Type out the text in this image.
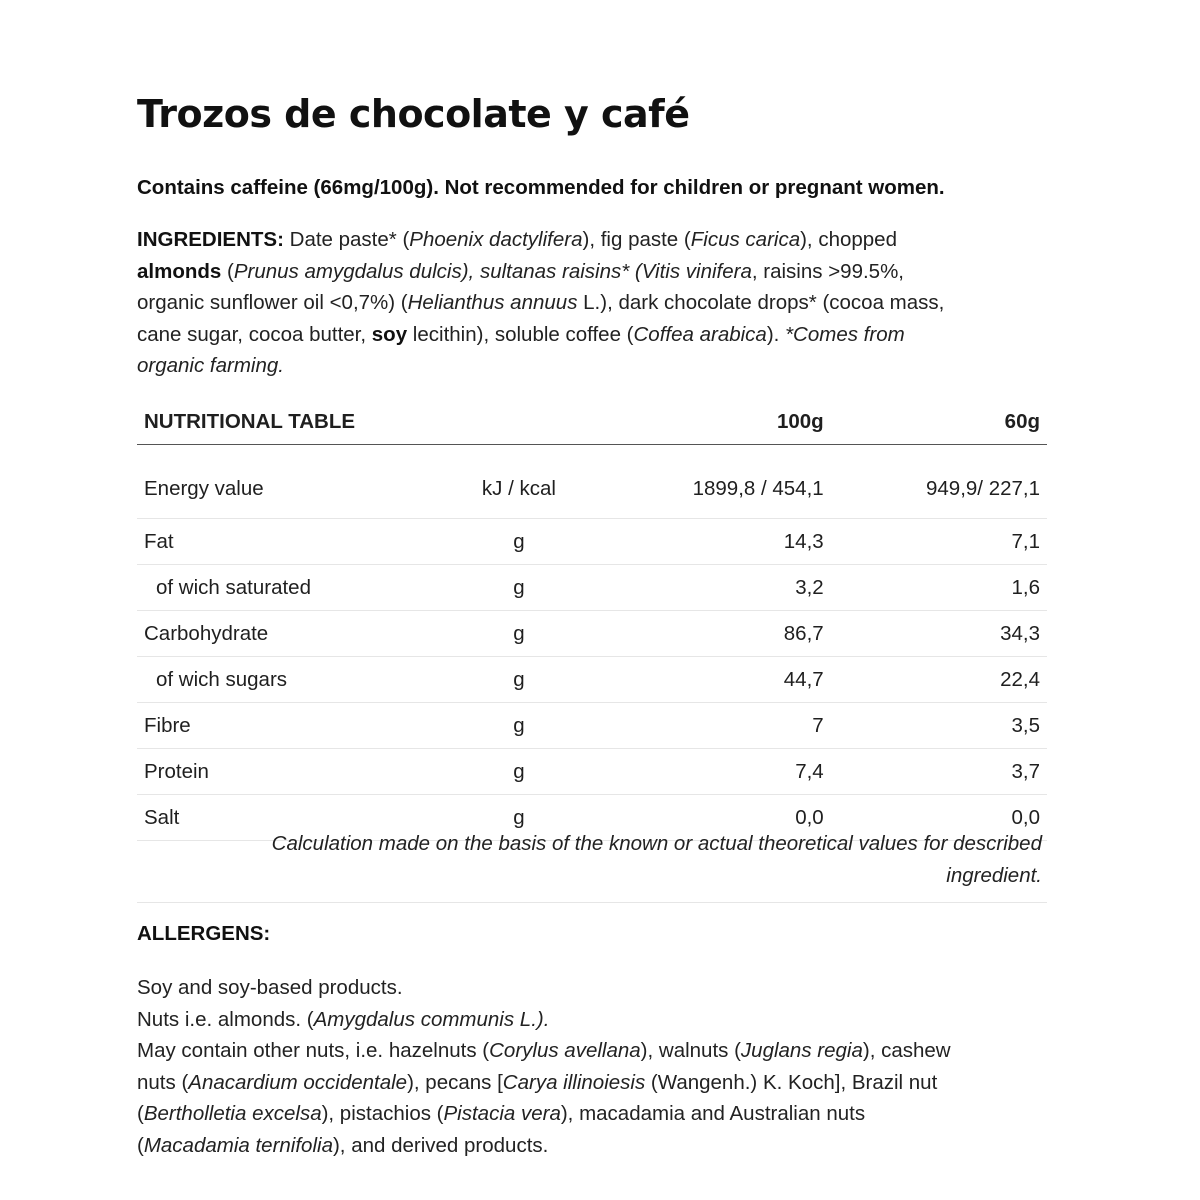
Trozos de chocolate y café
Contains caffeine (66mg/100g). Not recommended for children or pregnant women.
INGREDIENTS: Date paste* (Phoenix dactylifera), fig paste (Ficus carica), chopped
almonds (Prunus amygdalus dulcis), sultanas raisins* (Vitis vinifera, raisins >99.5%,
organic sunflower oil <0,7%) (Helianthus annuus L.), dark chocolate drops* (cocoa mass,
cane sugar, cocoa butter, soy lecithin), soluble coffee (Coffea arabica). *Comes from
organic farming.
NUTRITIONAL TABLE		100g	60g
Energy value	kJ / kcal	1899,8 / 454,1	949,9/ 227,1
Fat	g	14,3	7,1
of wich saturated	g	3,2	1,6
Carbohydrate	g	86,7	34,3
of wich sugars	g	44,7	22,4
Fibre	g	7	3,5
Protein	g	7,4	3,7
Salt	g	0,0	0,0
Calculation made on the basis of the known or actual theoretical values for described
ingredient.
ALLERGENS:
Soy and soy-based products.
Nuts i.e. almonds. (Amygdalus communis L.).
May contain other nuts, i.e. hazelnuts (Corylus avellana), walnuts (Juglans regia), cashew
nuts (Anacardium occidentale), pecans [Carya illinoiesis (Wangenh.) K. Koch], Brazil nut
(Bertholletia excelsa), pistachios (Pistacia vera), macadamia and Australian nuts
(Macadamia ternifolia), and derived products.
